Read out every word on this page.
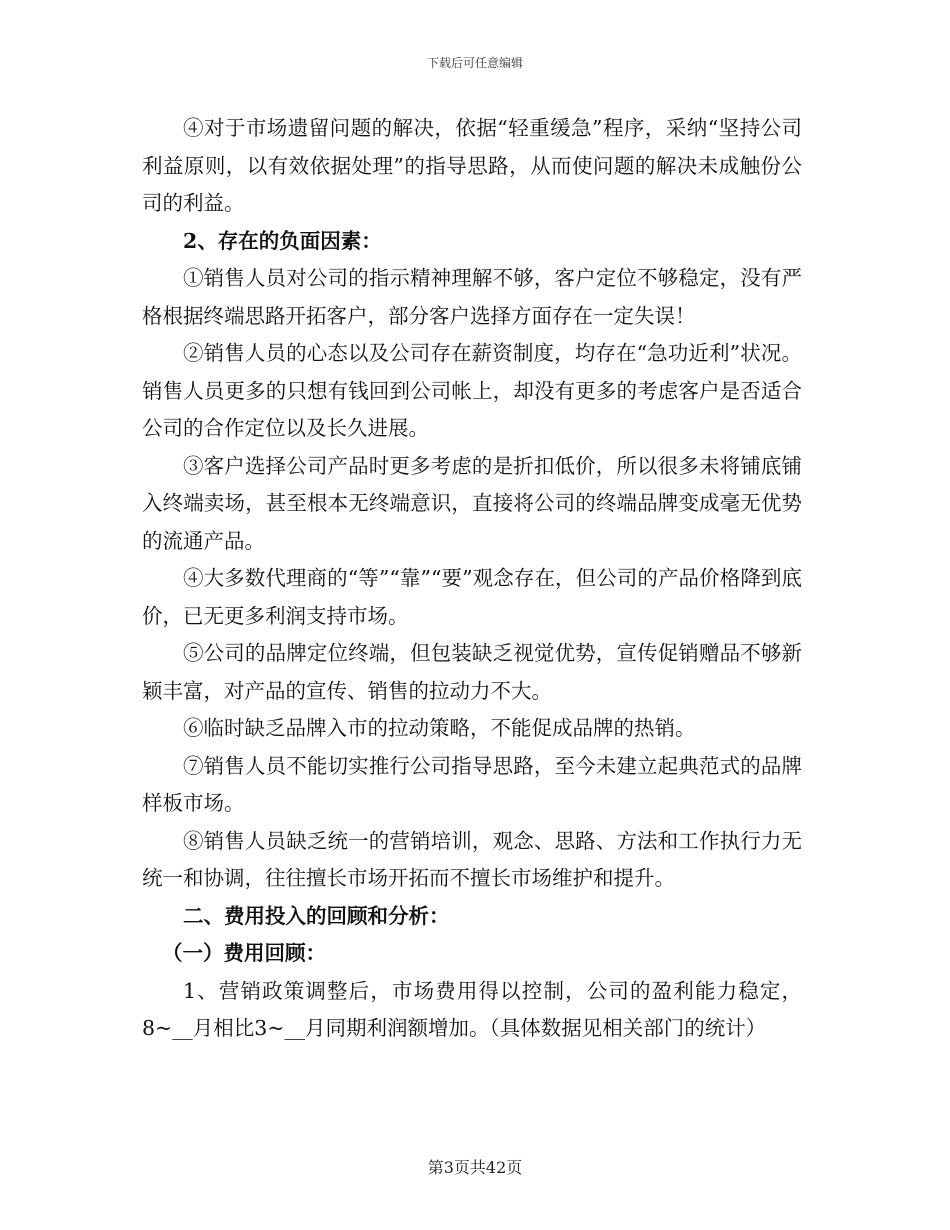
下载后可任意编辑

④对于市场遗留问题的解决，依据“轻重缓急”程序，采纳“坚持公司利益原则，以有效依据处理”的指导思路，从而使问题的解决未成触份公司的利益。

2、存在的负面因素：

①销售人员对公司的指示精神理解不够，客户定位不够稳定，没有严格根据终端思路开拓客户，部分客户选择方面存在一定失误！

②销售人员的心态以及公司存在薪资制度，均存在“急功近利”状况。销售人员更多的只想有钱回到公司帐上，却没有更多的考虑客户是否适合公司的合作定位以及长久进展。

③客户选择公司产品时更多考虑的是折扣低价，所以很多未将铺底铺入终端卖场，甚至根本无终端意识，直接将公司的终端品牌变成毫无优势的流通产品。

④大多数代理商的“等”“靠”“要”观念存在，但公司的产品价格降到底价，已无更多利润支持市场。

⑤公司的品牌定位终端，但包装缺乏视觉优势，宣传促销赠品不够新颖丰富，对产品的宣传、销售的拉动力不大。

⑥临时缺乏品牌入市的拉动策略，不能促成品牌的热销。

⑦销售人员不能切实推行公司指导思路，至今未建立起典范式的品牌样板市场。

⑧销售人员缺乏统一的营销培训，观念、思路、方法和工作执行力无统一和协调，往往擅长市场开拓而不擅长市场维护和提升。

二、费用投入的回顾和分析：

（一）费用回顾：

1、营销政策调整后，市场费用得以控制，公司的盈利能力稳定，8~__月相比3~__月同期利润额增加。（具体数据见相关部门的统计）

第3页共42页
